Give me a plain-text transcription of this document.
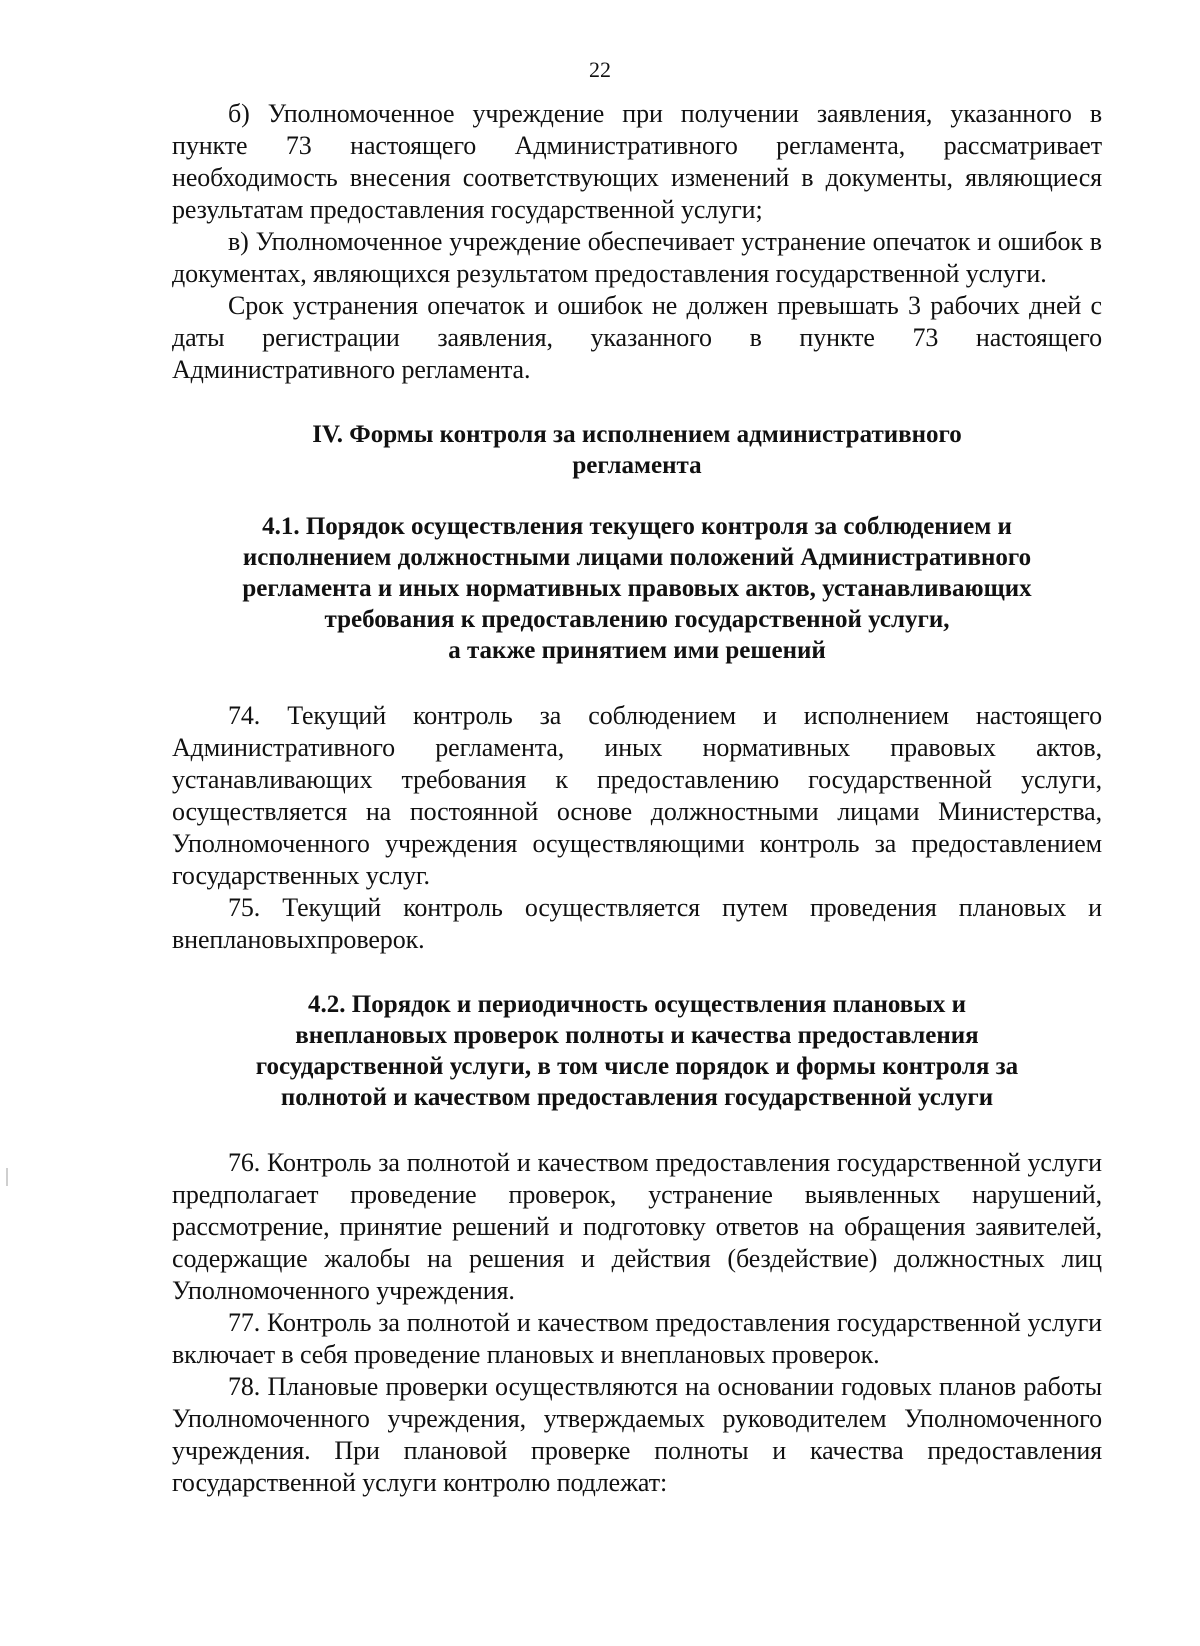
22

б) Уполномоченное учреждение при получении заявления, указанного в пункте 73 настоящего Административного регламента, рассматривает необходимость внесения соответствующих изменений в документы, являющиеся результатам предоставления государственной услуги;

в) Уполномоченное учреждение обеспечивает устранение опечаток и ошибок в документах, являющихся результатом предоставления государственной услуги.

Срок устранения опечаток и ошибок не должен превышать 3 рабочих дней с даты регистрации заявления, указанного в пункте 73 настоящего Административного регламента.

IV. Формы контроля за исполнением административного

регламента

4.1. Порядок осуществления текущего контроля за соблюдением и

исполнением должностными лицами положений Административного

регламента и иных нормативных правовых актов, устанавливающих

требования к предоставлению государственной услуги,

а также принятием ими решений

74. Текущий контроль за соблюдением и исполнением настоящего Административного регламента, иных нормативных правовых актов, устанавливающих требования к предоставлению государственной услуги, осуществляется на постоянной основе должностными лицами Министерства, Уполномоченного учреждения осуществляющими контроль за предоставлением государственных услуг.

75. Текущий контроль осуществляется путем проведения плановых и внеплановыхпроверок.

4.2. Порядок и периодичность осуществления плановых и

внеплановых проверок полноты и качества предоставления

государственной услуги, в том числе порядок и формы контроля за

полнотой и качеством предоставления государственной услуги

76. Контроль за полнотой и качеством предоставления государственной услуги предполагает проведение проверок, устранение выявленных нарушений, рассмотрение, принятие решений и подготовку ответов на обращения заявителей, содержащие жалобы на решения и действия (бездействие) должностных лиц Уполномоченного учреждения.

77. Контроль за полнотой и качеством предоставления государственной услуги включает в себя проведение плановых и внеплановых проверок.

78. Плановые проверки осуществляются на основании годовых планов работы Уполномоченного учреждения, утверждаемых руководителем Уполномоченного учреждения. При плановой проверке полноты и качества предоставления государственной услуги контролю подлежат:
